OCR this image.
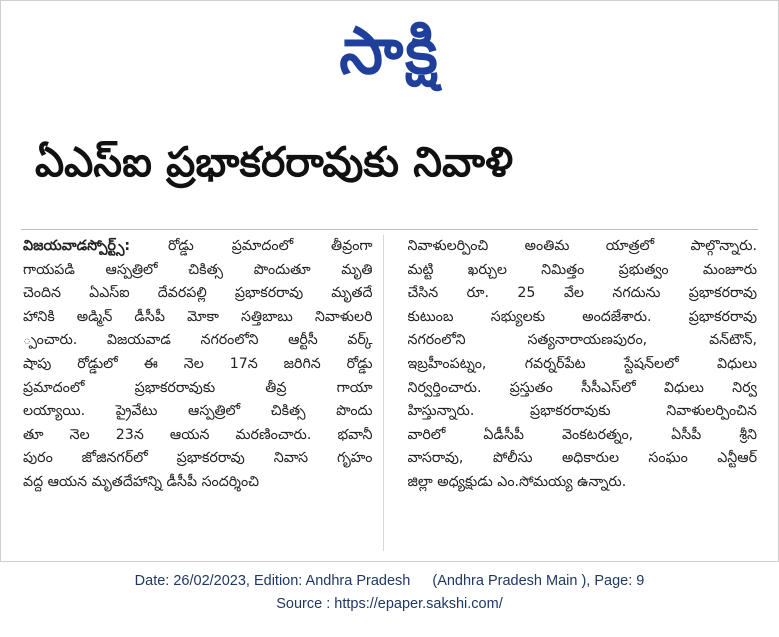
సాక్షి
ఏఎస్‌ఐ ప్రభాకరరావుకు నివాళి
విజయవాడస్పోర్ట్స్: రోడ్డు ప్రమాదంలో తీవ్రంగా
గాయపడి ఆస్పత్రిలో చికిత్స పొందుతూ మృతి
చెందిన ఏఎస్‌ఐ దేవరపల్లి ప్రభాకరరావు మృతదే
హానికి అడ్మిన్ డీసీపీ మోకా సత్తిబాబు నివాళులరి
్పంచారు. విజయవాడ నగరంలోని ఆర్టీసీ వర్క్
షాపు రోడ్డులో ఈ నెల 17న జరిగిన రోడ్డు
ప్రమాదంలో ప్రభాకరరావుకు తీవ్ర గాయా
లయ్యాయి. ప్రైవేటు ఆస్పత్రిలో చికిత్స పొందు
తూ నెల 23న ఆయన మరణించారు. భవానీ
పురం జోజినగర్‌లో ప్రభాకరరావు నివాస గృహం
వద్ద ఆయన మృతదేహాన్ని డీసీపీ సందర్శించి
నివాళులర్పించి అంతిమ యాత్రలో పాల్గొన్నారు.
మట్టి ఖర్చుల నిమిత్తం ప్రభుత్వం మంజూరు
చేసిన రూ. 25 వేల నగదును ప్రభాకరరావు
కుటుంబ సభ్యులకు అందజేశారు. ప్రభాకరరావు
నగరంలోని సత్యనారాయణపురం, వన్‌టౌన్,
ఇబ్రహీంపట్నం, గవర్నర్‌పేట స్టేషన్‌లలో విధులు
నిర్వర్తించారు. ప్రస్తుతం సీసీఎస్‌లో విధులు నిర్వ
హిస్తున్నారు. ప్రభాకరరావుకు నివాళులర్పించిన
వారిలో ఏడీసీపీ వెంకటరత్నం, ఏసీపీ శ్రీని
వాసరావు, పోలీసు అధికారుల సంఘం ఎన్టీఆర్
జిల్లా అధ్యక్షుడు ఎం.సోమయ్య ఉన్నారు.
Date: 26/02/2023, Edition: Andhra Pradesh (Andhra Pradesh Main ), Page: 9
Source : https://epaper.sakshi.com/
